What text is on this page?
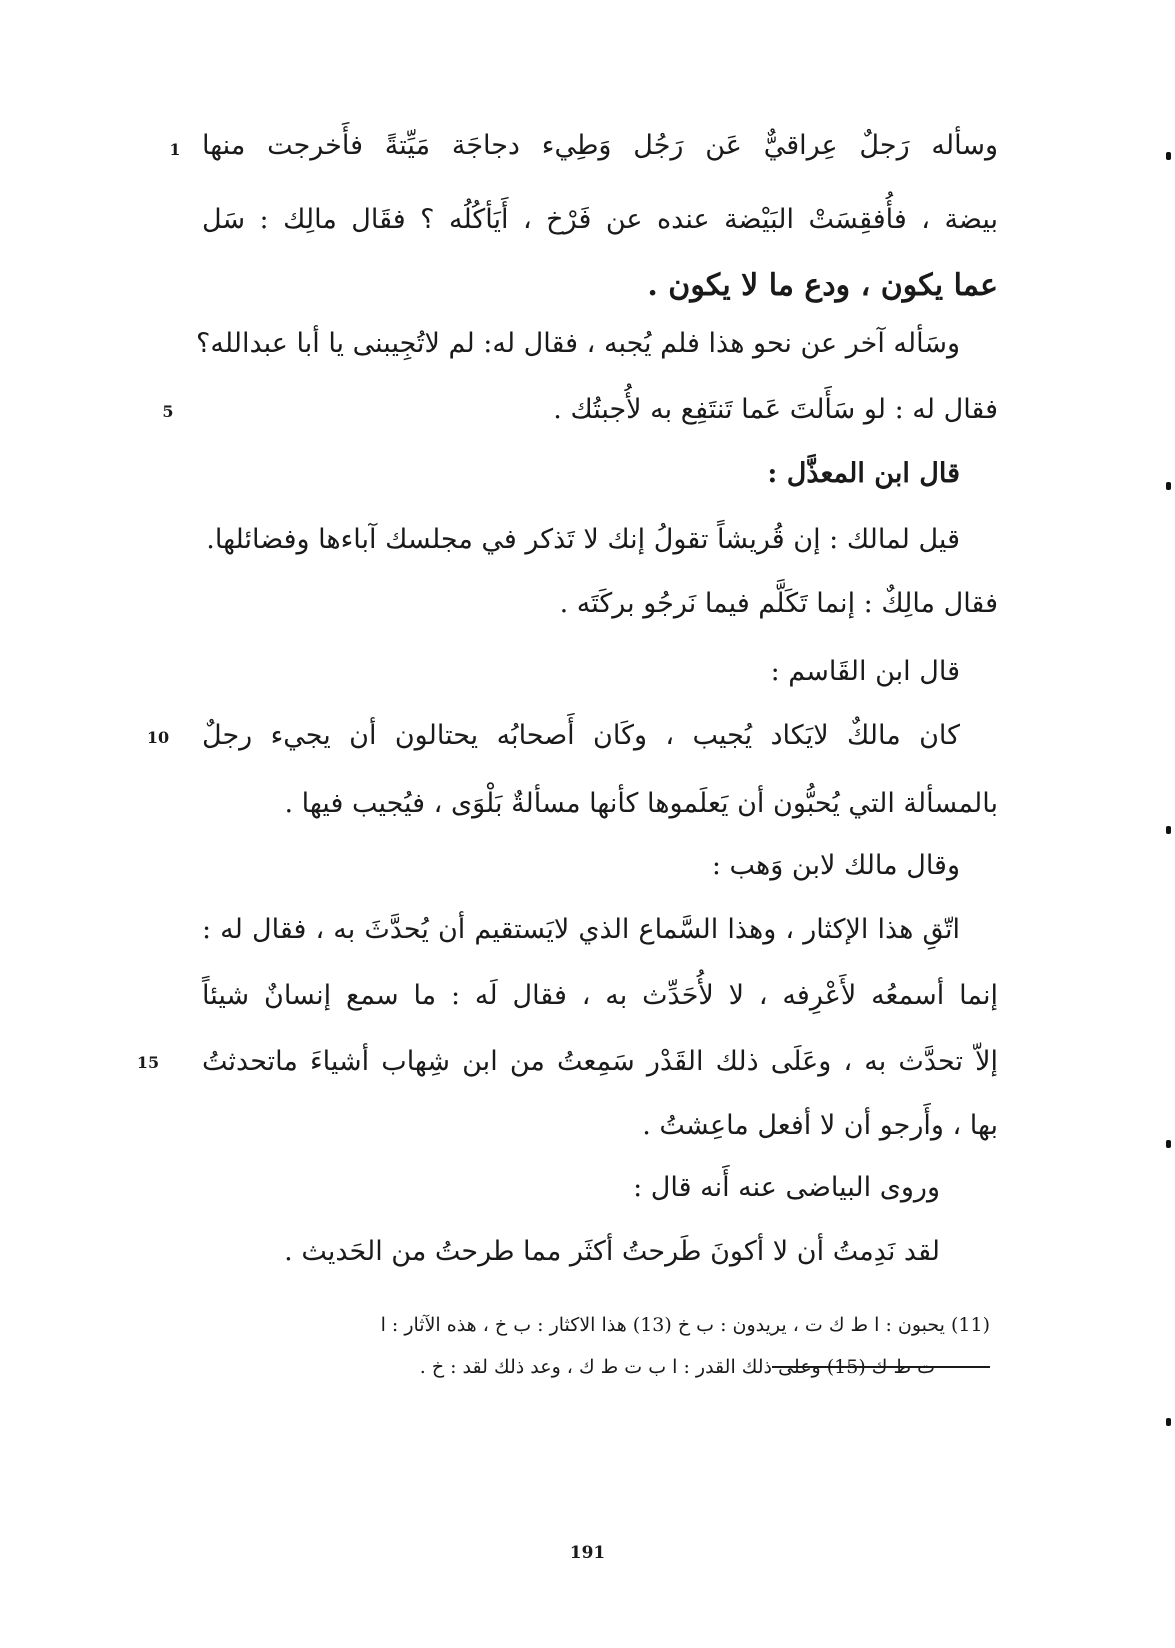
وسأله رَجلٌ عِراقيٌّ عَن رَجُل وَطِيء دجاجَة مَيِّتةً فأَخرجت منها
بيضة ، فأُفقِسَتْ البَيْضة عنده عن فَرْخ ، أَيَأكُلُه ؟ فقَال مالِك : سَل
عما يكون ، ودع ما لا يكون .
وسَأله آخر عن نحو هذا فلم يُجبه ، فقال له: لم لاتُجِيبنى يا أبا عبدالله؟
فقال له : لو سَأَلتَ عَما تَنتَفِع به لأُجبتُك .
قال ابن المعذَّل :
قيل لمالك : إن قُريشاً تقولُ إنك لا تَذكر في مجلسك آباءها وفضائلها.
فقال مالِكٌ : إنما تَكَلَّم فيما نَرجُو بركَتَه .
قال ابن القَاسم :
كان مالكٌ لايَكاد يُجيب ، وكَان أَصحابُه يحتالون أن يجيء رجلٌ
بالمسألة التي يُحبُّون أن يَعلَموها كأنها مسألةٌ بَلْوَى ، فيُجيب فيها .
وقال مالك لابن وَهب :
اتّقِ هذا الإكثار ، وهذا السَّماع الذي لايَستقيم أن يُحدَّثَ به ، فقال له :
إنما أسمعُه لأَعْرِفه ، لا لأُحَدِّث به ، فقال لَه : ما سمع إنسانٌ شيئاً
إلاّ تحدَّث به ، وعَلَى ذلك القَدْر سَمِعتُ من ابن شِهاب أشياءَ ماتحدثتُ
بها ، وأَرجو أن لا أفعل ماعِشتُ .
وروى البياضى عنه أَنه قال :
لقد نَدِمتُ أن لا أكونَ طَرحتُ أكثَر مما طرحتُ من الحَديث .
1
5
10
15
(11) يحبون : ا ط ك ت ، يريدون : ب خ (13) هذا الاكثار : ب خ ، هذه الآثار : ا
ت ط ك (15) وعلى ذلك القدر : ا ب ت ط ك ، وعد ذلك لقد : خ .
191
